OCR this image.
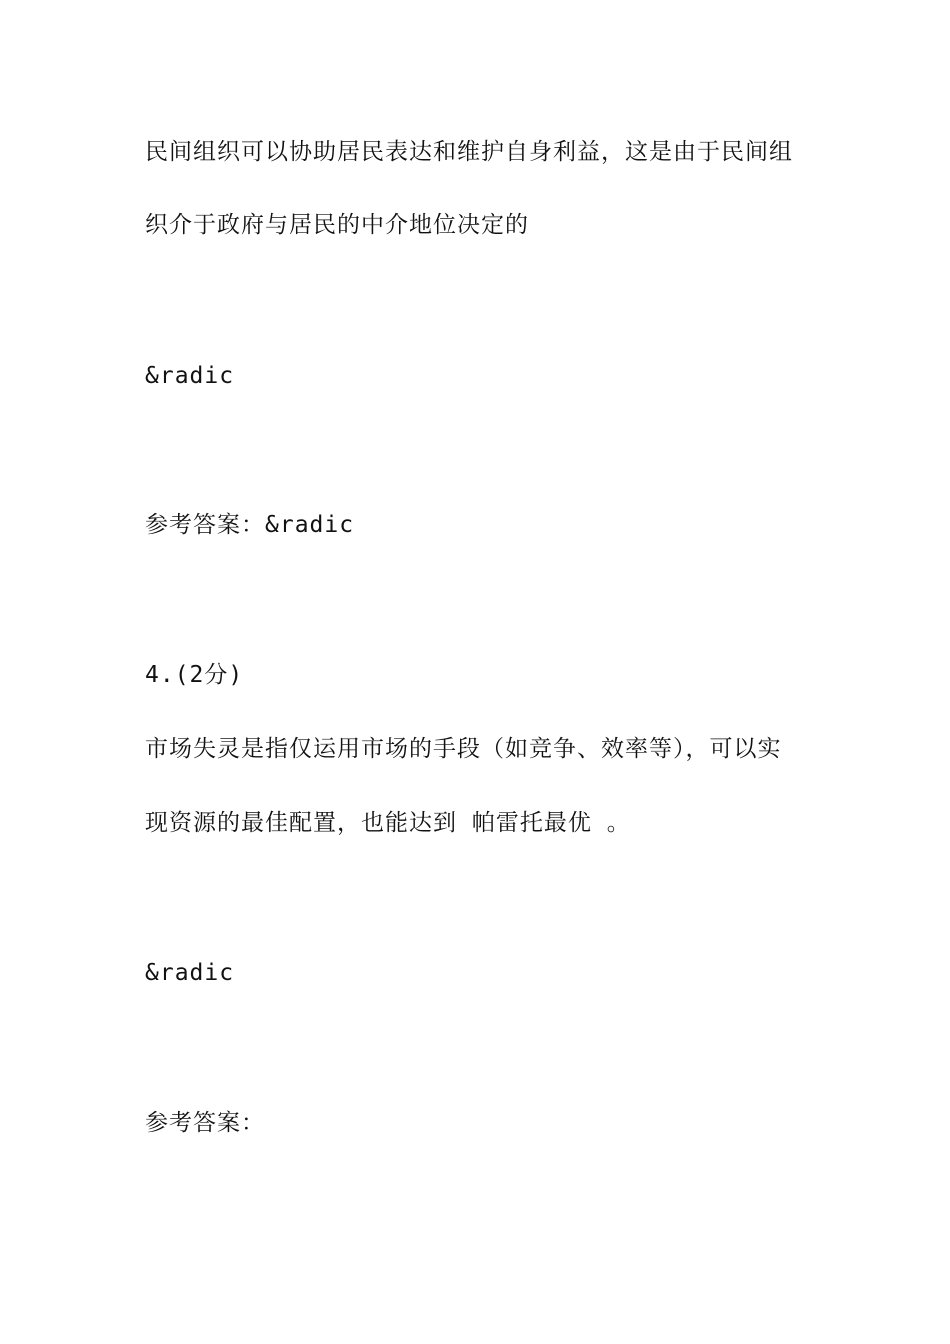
民间组织可以协助居民表达和维护自身利益，这是由于民间组
织介于政府与居民的中介地位决定的
&radic
参考答案：&radic
4.(2分)
市场失灵是指仅运用市场的手段（如竞争、效率等），可以实
现资源的最佳配置，也能达到 帕雷托最优 。
&radic
参考答案：
